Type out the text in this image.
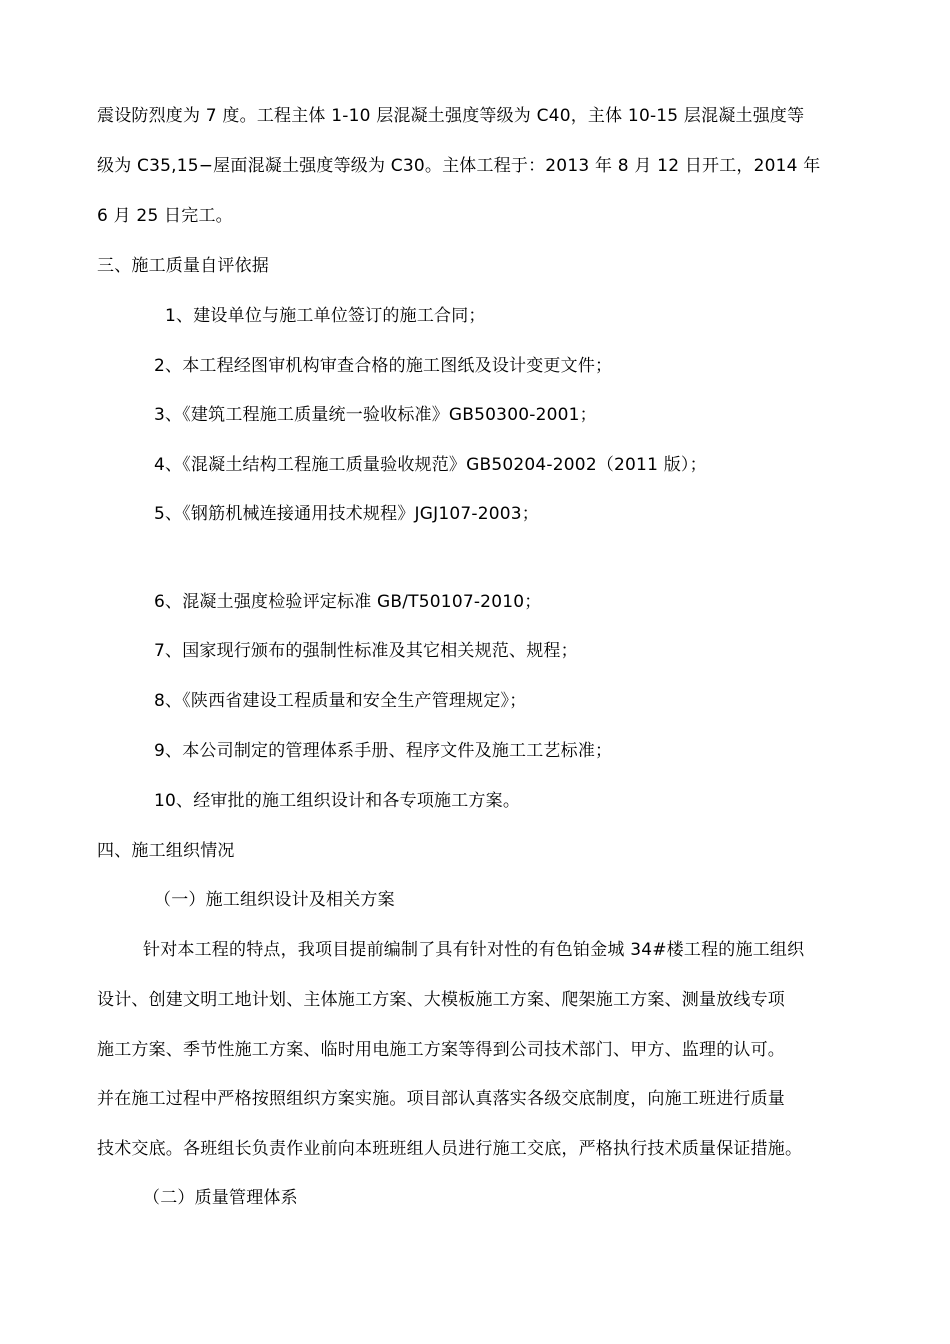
震设防烈度为 7 度。工程主体 1-10 层混凝土强度等级为 C40，主体 10-15 层混凝土强度等
级为 C35,15−屋面混凝土强度等级为 C30。主体工程于：2013 年 8 月 12 日开工，2014 年
6 月 25 日完工。
三、施工质量自评依据
1、建设单位与施工单位签订的施工合同；
2、本工程经图审机构审查合格的施工图纸及设计变更文件；
3、《建筑工程施工质量统一验收标准》GB50300-2001；
4、《混凝土结构工程施工质量验收规范》GB50204-2002（2011 版）；
5、《钢筋机械连接通用技术规程》JGJ107-2003；
6、混凝土强度检验评定标准 GB/T50107-2010；
7、国家现行颁布的强制性标准及其它相关规范、规程；
8、《陕西省建设工程质量和安全生产管理规定》；
9、本公司制定的管理体系手册、程序文件及施工工艺标准；
10、经审批的施工组织设计和各专项施工方案。
四、施工组织情况
（一）施工组织设计及相关方案
针对本工程的特点，我项目提前编制了具有针对性的有色铂金城 34#楼工程的施工组织
设计、创建文明工地计划、主体施工方案、大模板施工方案、爬架施工方案、测量放线专项
施工方案、季节性施工方案、临时用电施工方案等得到公司技术部门、甲方、监理的认可。
并在施工过程中严格按照组织方案实施。项目部认真落实各级交底制度，向施工班进行质量
技术交底。各班组长负责作业前向本班班组人员进行施工交底，严格执行技术质量保证措施。
（二）质量管理体系
